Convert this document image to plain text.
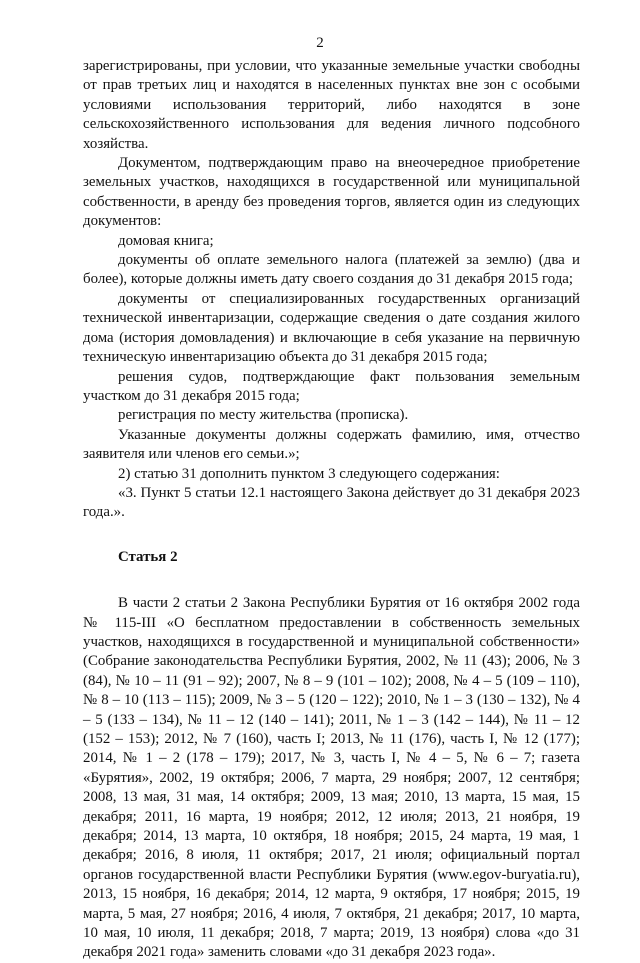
2

зарегистрированы, при условии, что указанные земельные участки свободны от прав третьих лиц и находятся в населенных пунктах вне зон с особыми условиями использования территорий, либо находятся в зоне сельскохозяйственного использования для ведения личного подсобного хозяйства.

Документом, подтверждающим право на внеочередное приобретение земельных участков, находящихся в государственной или муниципальной собственности, в аренду без проведения торгов, является один из следующих документов:

домовая книга;

документы об оплате земельного налога (платежей за землю) (два и более), которые должны иметь дату своего создания до 31 декабря 2015 года;

документы от специализированных государственных организаций технической инвентаризации, содержащие сведения о дате создания жилого дома (история домовладения) и включающие в себя указание на первичную техническую инвентаризацию объекта до 31 декабря 2015 года;

решения судов, подтверждающие факт пользования земельным участком до 31 декабря 2015 года;

регистрация по месту жительства (прописка).

Указанные документы должны содержать фамилию, имя, отчество заявителя или членов его семьи.»;

2) статью 31 дополнить пунктом 3 следующего содержания:

«3. Пункт 5 статьи 12.1 настоящего Закона действует до 31 декабря 2023 года.».

Статья 2

В части 2 статьи 2 Закона Республики Бурятия от 16 октября 2002 года № 115-III «О бесплатном предоставлении в собственность земельных участков, находящихся в государственной и муниципальной собственности» (Собрание законодательства Республики Бурятия, 2002, № 11 (43); 2006, № 3 (84), № 10 – 11 (91 – 92); 2007, № 8 – 9 (101 – 102); 2008, № 4 – 5 (109 – 110), № 8 – 10 (113 – 115); 2009, № 3 – 5 (120 – 122); 2010, № 1 – 3 (130 – 132), № 4 – 5 (133 – 134), № 11 – 12 (140 – 141); 2011, № 1 – 3 (142 – 144), № 11 – 12 (152 – 153); 2012, № 7 (160), часть I; 2013, № 11 (176), часть I, № 12 (177); 2014, № 1 – 2 (178 – 179); 2017, № 3, часть I, № 4 – 5, № 6 – 7; газета «Бурятия», 2002, 19 октября; 2006, 7 марта, 29 ноября; 2007, 12 сентября; 2008, 13 мая, 31 мая, 14 октября; 2009, 13 мая; 2010, 13 марта, 15 мая, 15 декабря; 2011, 16 марта, 19 ноября; 2012, 12 июля; 2013, 21 ноября, 19 декабря; 2014, 13 марта, 10 октября, 18 ноября; 2015, 24 марта, 19 мая, 1 декабря; 2016, 8 июля, 11 октября; 2017, 21 июля; официальный портал органов государственной власти Республики Бурятия (www.egov-buryatia.ru), 2013, 15 ноября, 16 декабря; 2014, 12 марта, 9 октября, 17 ноября; 2015, 19 марта, 5 мая, 27 ноября; 2016, 4 июля, 7 октября, 21 декабря; 2017, 10 марта, 10 мая, 10 июля, 11 декабря; 2018, 7 марта; 2019, 13 ноября) слова «до 31 декабря 2021 года» заменить словами «до 31 декабря 2023 года».
